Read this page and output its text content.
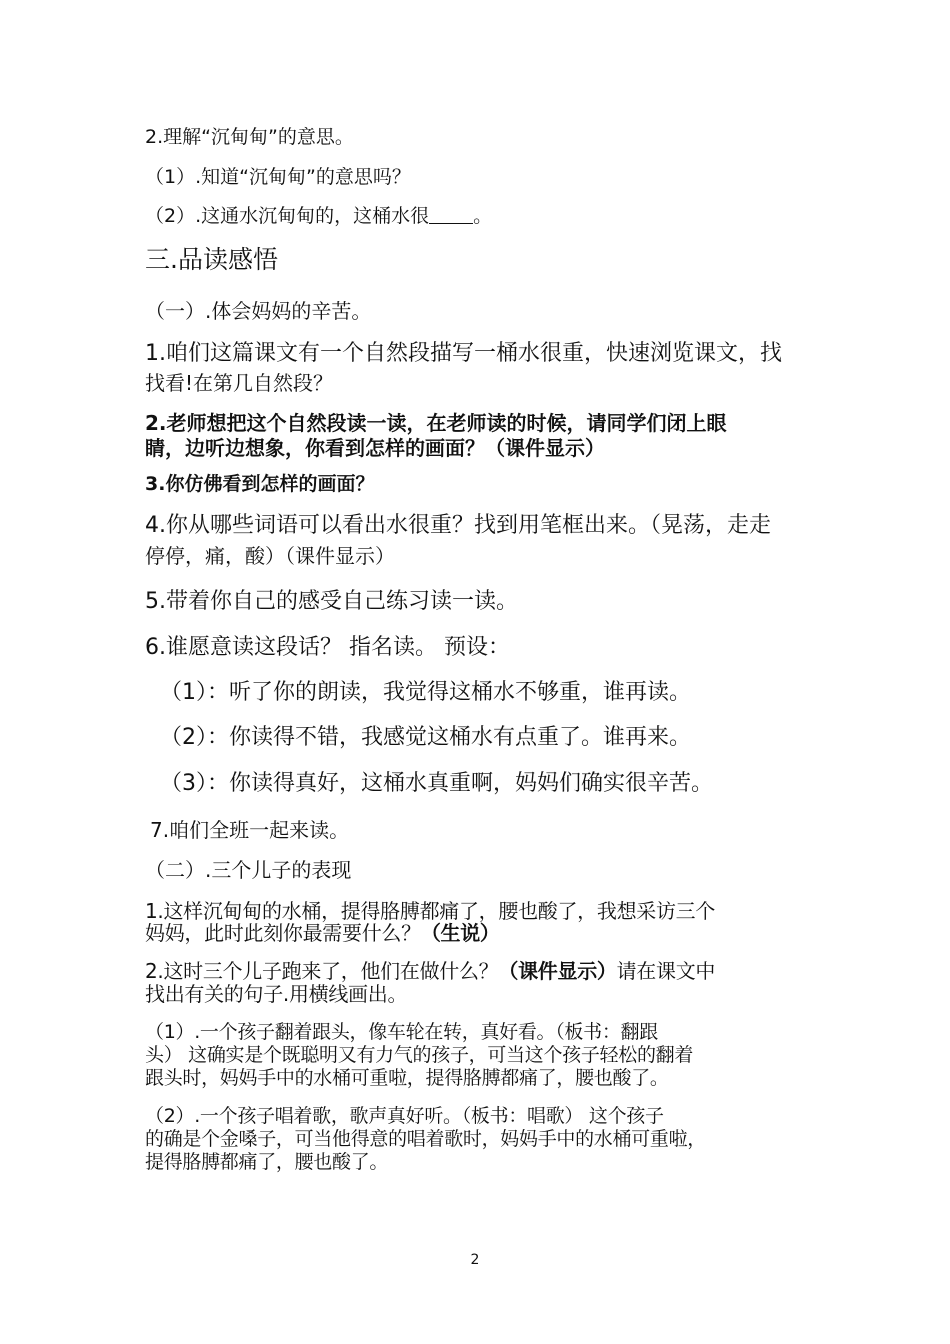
2.理解“沉甸甸”的意思。

（1）.知道“沉甸甸”的意思吗？

（2）.这通水沉甸甸的，这桶水很 。

三.品读感悟

（一）.体会妈妈的辛苦。

1.咱们这篇课文有一个自然段描写一桶水很重，快速浏览课文，找

找看!在第几自然段？

2.老师想把这个自然段读一读，在老师读的时候，请同学们闭上眼

睛，边听边想象，你看到怎样的画面？（课件显示）

3.你仿佛看到怎样的画面？

4.你从哪些词语可以看出水很重？找到用笔框出来。（晃荡，走走

停停，痛，酸）（课件显示）

5.带着你自己的感受自己练习读一读。

6.谁愿意读这段话？ 指名读。 预设：

（1）：听了你的朗读，我觉得这桶水不够重，谁再读。

（2）：你读得不错，我感觉这桶水有点重了。谁再来。

（3）：你读得真好，这桶水真重啊，妈妈们确实很辛苦。

7.咱们全班一起来读。

（二）.三个儿子的表现

1.这样沉甸甸的水桶，提得胳膊都痛了，腰也酸了，我想采访三个

妈妈，此时此刻你最需要什么？（生说）

2.这时三个儿子跑来了，他们在做什么？（课件显示）请在课文中

找出有关的句子.用横线画出。

（1）.一个孩子翻着跟头，像车轮在转，真好看。（板书：翻跟

头） 这确实是个既聪明又有力气的孩子，可当这个孩子轻松的翻着

跟头时，妈妈手中的水桶可重啦，提得胳膊都痛了，腰也酸了。

（2）.一个孩子唱着歌，歌声真好听。（板书：唱歌） 这个孩子

的确是个金嗓子，可当他得意的唱着歌时，妈妈手中的水桶可重啦，

提得胳膊都痛了，腰也酸了。

2
